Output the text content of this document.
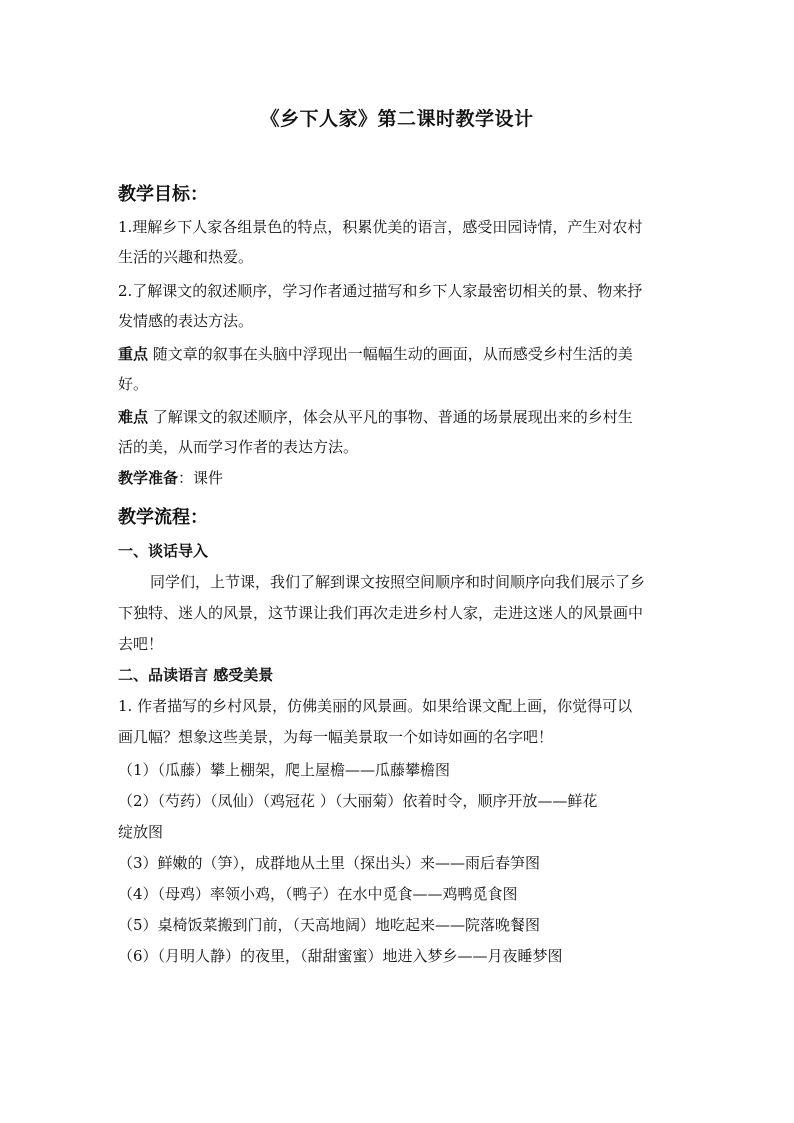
《乡下人家》第二课时教学设计
教学目标：
1.理解乡下人家各组景色的特点，积累优美的语言，感受田园诗情，产生对农村
生活的兴趣和热爱。
2.了解课文的叙述顺序，学习作者通过描写和乡下人家最密切相关的景、物来抒
发情感的表达方法。
重点 随文章的叙事在头脑中浮现出一幅幅生动的画面，从而感受乡村生活的美
好。
难点 了解课文的叙述顺序，体会从平凡的事物、普通的场景展现出来的乡村生
活的美，从而学习作者的表达方法。
教学准备：课件
教学流程：
一、谈话导入
同学们，上节课，我们了解到课文按照空间顺序和时间顺序向我们展示了乡
下独特、迷人的风景，这节课让我们再次走进乡村人家，走进这迷人的风景画中
去吧！
二、品读语言 感受美景
1. 作者描写的乡村风景，仿佛美丽的风景画。如果给课文配上画，你觉得可以
画几幅？想象这些美景，为每一幅美景取一个如诗如画的名字吧！
（1）（瓜藤）攀上棚架，爬上屋檐——瓜藤攀檐图
（2）（芍药）（凤仙）（鸡冠花 ）（大丽菊）依着时令，顺序开放——鲜花
绽放图
（3）鲜嫩的（笋），成群地从土里（探出头）来——雨后春笋图
（4）（母鸡）率领小鸡，（鸭子）在水中觅食——鸡鸭觅食图
（5）桌椅饭菜搬到门前，（天高地阔）地吃起来——院落晚餐图
（6）（月明人静）的夜里，（甜甜蜜蜜）地进入梦乡——月夜睡梦图
